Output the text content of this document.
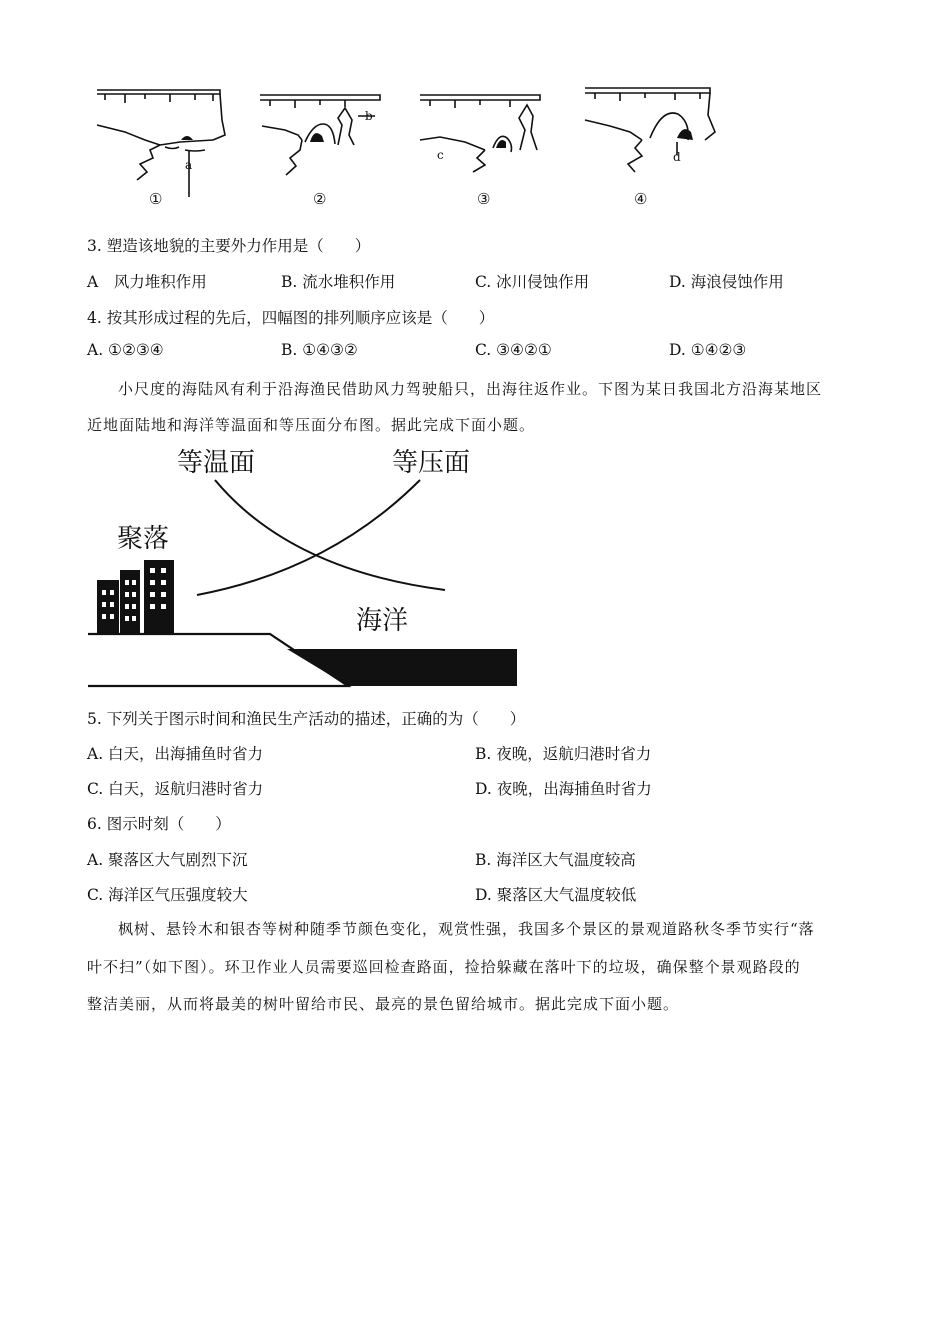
①	②	③	④
a
b
c	d
3. 塑造该地貌的主要外力作用是（　　）
A　风力堆积作用	B. 流水堆积作用	C. 冰川侵蚀作用	D. 海浪侵蚀作用
4. 按其形成过程的先后，四幅图的排列顺序应该是（　　）
A. ①②③④	B. ①④③②	C. ③④②①	D. ①④②③
小尺度的海陆风有利于沿海渔民借助风力驾驶船只，出海往返作业。下图为某日我国北方沿海某地区
近地面陆地和海洋等温面和等压面分布图。据此完成下面小题。
等温面	等压面
聚落
海洋
5. 下列关于图示时间和渔民生产活动的描述，正确的为（　　）
A. 白天，出海捕鱼时省力	B. 夜晚，返航归港时省力
C. 白天，返航归港时省力	D. 夜晚，出海捕鱼时省力
6. 图示时刻（　　）
A. 聚落区大气剧烈下沉	B. 海洋区大气温度较高
C. 海洋区气压强度较大	D. 聚落区大气温度较低
枫树、悬铃木和银杏等树种随季节颜色变化，观赏性强，我国多个景区的景观道路秋冬季节实行“落
叶不扫”（如下图）。环卫作业人员需要巡回检查路面，捡拾躲藏在落叶下的垃圾，确保整个景观路段的
整洁美丽，从而将最美的树叶留给市民、最亮的景色留给城市。据此完成下面小题。
